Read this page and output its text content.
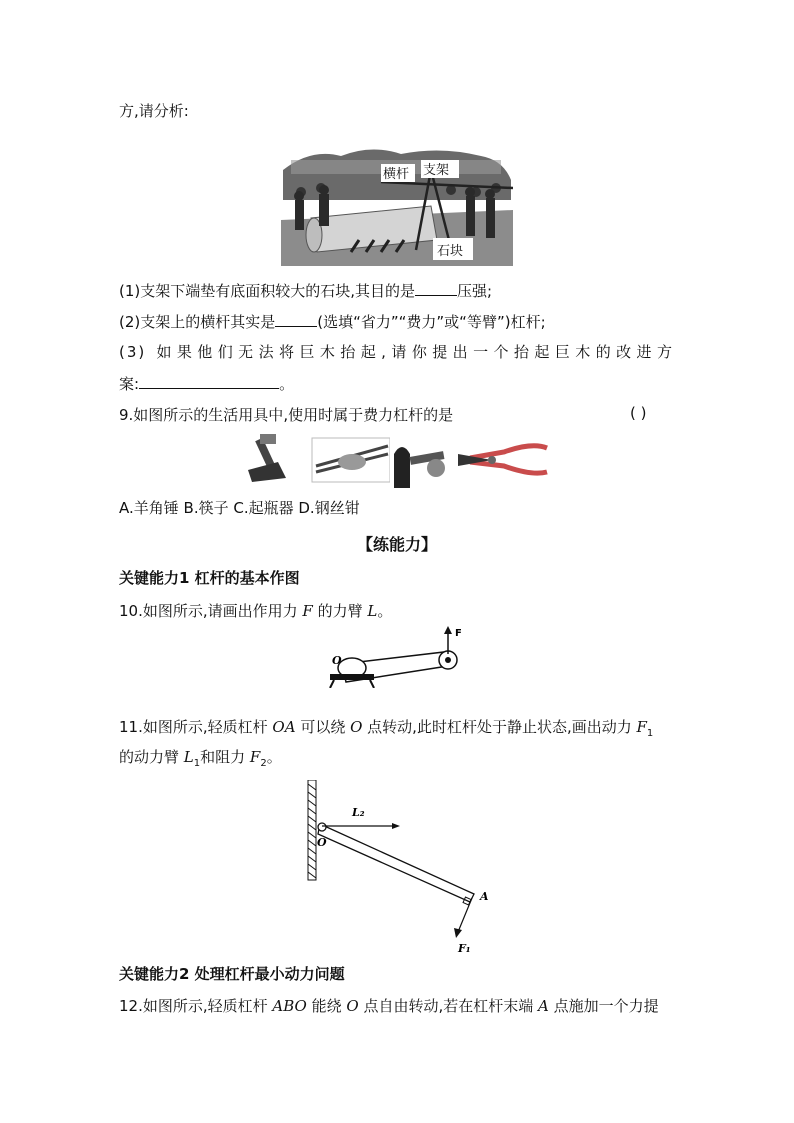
方,请分析:
横杆 支架
石块
(1)支架下端垫有底面积较大的石块,其目的是	压强;
(2)支架上的横杆其实是	(选填“省力”“费力”或“等臂”)杠杆;
(3) 如果他们无法将巨木抬起,请你提出一个抬起巨木的改进方
案:	。
9.如图所示的生活用具中,使用时属于费力杠杆的是	( )
A.羊角锤 B.筷子 C.起瓶器 D.钢丝钳
【练能力】
关键能力1 杠杆的基本作图
10.如图所示,请画出作用力 F 的力臂 L。
F
O
11.如图所示,轻质杠杆 OA 可以绕 O 点转动,此时杠杆处于静止状态,画出动力 $F_1$
的动力臂 $L_1$和阻力 $F_2$。
L₂
O
A
F₁
关键能力2 处理杠杆最小动力问题
12.如图所示,轻质杠杆 ABO 能绕 O 点自由转动,若在杠杆末端 A 点施加一个力提
